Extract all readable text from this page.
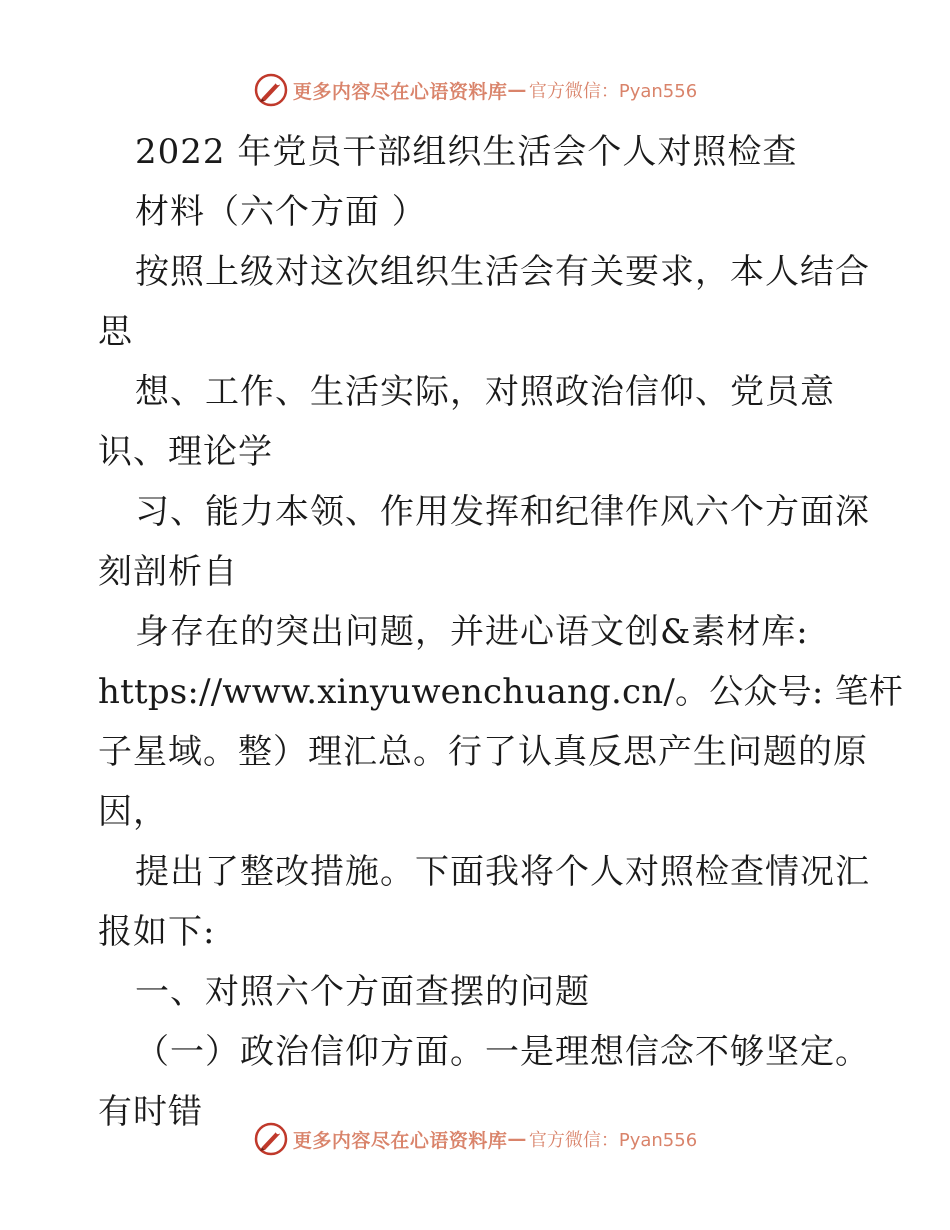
更多内容尽在心语资料库 — 官方微信：Pyan556
2022 年党员干部组织生活会个人对照检查
材料（六个方面 ）
按照上级对这次组织生活会有关要求，本人结合
思
想、工作、生活实际，对照政治信仰、党员意
识、理论学
习、能力本领、作用发挥和纪律作风六个方面深
刻剖析自
身存在的突出问题，并进心语文创&素材库:
https://www.xinyuwenchuang.cn/。公众号: 笔杆
子星域。整）理汇总。行了认真反思产生问题的原
因，
提出了整改措施。下面我将个人对照检查情况汇
报如下:
一、对照六个方面查摆的问题
（一）政治信仰方面。一是理想信念不够坚定。
有时错
更多内容尽在心语资料库 — 官方微信：Pyan556
